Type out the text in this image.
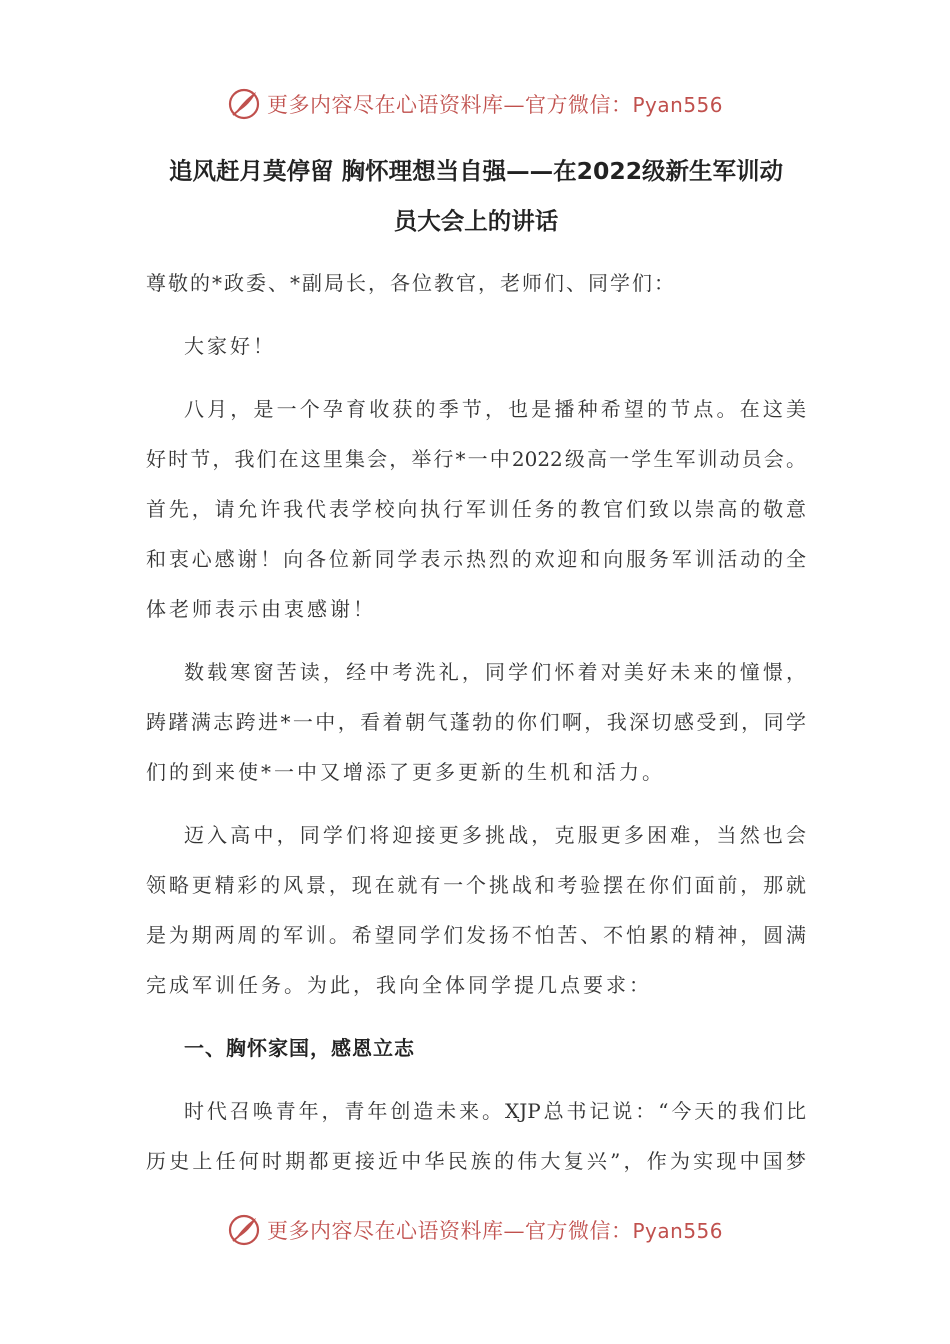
更多内容尽在心语资料库—官方微信：Pyan556
追风赶月莫停留 胸怀理想当自强——在2022级新生军训动
员大会上的讲话
尊敬的*政委、*副局长，各位教官，老师们、同学们：
大家好！
八月，是一个孕育收获的季节，也是播种希望的节点。在这美
好时节，我们在这里集会，举行*一中2022级高一学生军训动员会。
首先，请允许我代表学校向执行军训任务的教官们致以崇高的敬意
和衷心感谢！向各位新同学表示热烈的欢迎和向服务军训活动的全
体老师表示由衷感谢！
数载寒窗苦读，经中考洗礼，同学们怀着对美好未来的憧憬，
踌躇满志跨进*一中，看着朝气蓬勃的你们啊，我深切感受到，同学
们的到来使*一中又增添了更多更新的生机和活力。
迈入高中，同学们将迎接更多挑战，克服更多困难，当然也会
领略更精彩的风景，现在就有一个挑战和考验摆在你们面前，那就
是为期两周的军训。希望同学们发扬不怕苦、不怕累的精神，圆满
完成军训任务。为此，我向全体同学提几点要求：
一、胸怀家国，感恩立志
时代召唤青年，青年创造未来。XJP总书记说：“今天的我们比
历史上任何时期都更接近中华民族的伟大复兴”，作为实现中国梦
更多内容尽在心语资料库—官方微信：Pyan556
